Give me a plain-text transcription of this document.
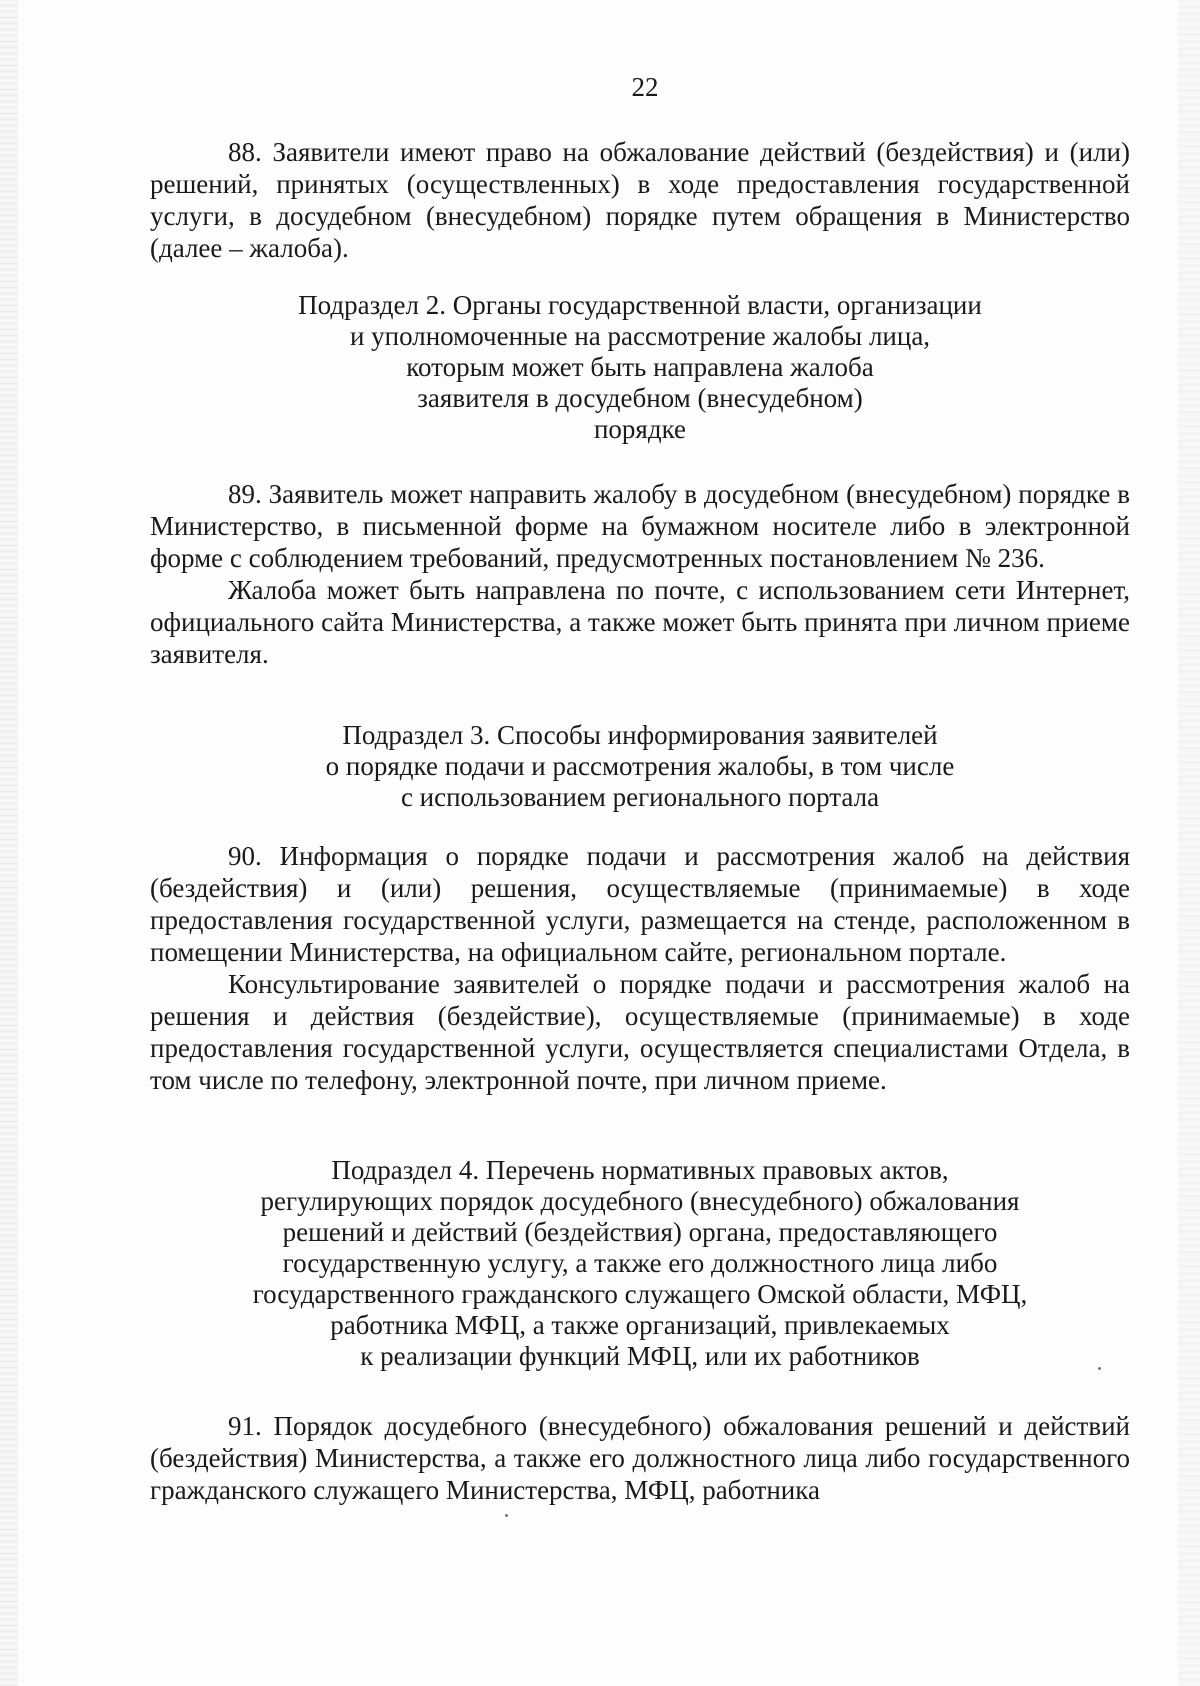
22

88. Заявители имеют право на обжалование действий (бездействия) и (или) решений, принятых (осуществленных) в ходе предоставления государственной услуги, в досудебном (внесудебном) порядке путем обращения в Министерство (далее – жалоба).

Подраздел 2. Органы государственной власти, организации
и уполномоченные на рассмотрение жалобы лица,
которым может быть направлена жалоба
заявителя в досудебном (внесудебном)
порядке

89. Заявитель может направить жалобу в досудебном (внесудебном) порядке в Министерство, в письменной форме на бумажном носителе либо в электронной форме с соблюдением требований, предусмотренных постановлением № 236.

Жалоба может быть направлена по почте, с использованием сети Интернет, официального сайта Министерства, а также может быть принята при личном приеме заявителя.

Подраздел 3. Способы информирования заявителей
о порядке подачи и рассмотрения жалобы, в том числе
с использованием регионального портала

90. Информация о порядке подачи и рассмотрения жалоб на действия (бездействия) и (или) решения, осуществляемые (принимаемые) в ходе предоставления государственной услуги, размещается на стенде, расположенном в помещении Министерства, на официальном сайте, региональном портале.

Консультирование заявителей о порядке подачи и рассмотрения жалоб на решения и действия (бездействие), осуществляемые (принимаемые) в ходе предоставления государственной услуги, осуществляется специалистами Отдела, в том числе по телефону, электронной почте, при личном приеме.

Подраздел 4. Перечень нормативных правовых актов,
регулирующих порядок досудебного (внесудебного) обжалования
решений и действий (бездействия) органа, предоставляющего
государственную услугу, а также его должностного лица либо
государственного гражданского служащего Омской области, МФЦ,
работника МФЦ, а также организаций, привлекаемых
к реализации функций МФЦ, или их работников

91. Порядок досудебного (внесудебного) обжалования решений и действий (бездействия) Министерства, а также его должностного лица либо государственного гражданского служащего Министерства, МФЦ, работника
